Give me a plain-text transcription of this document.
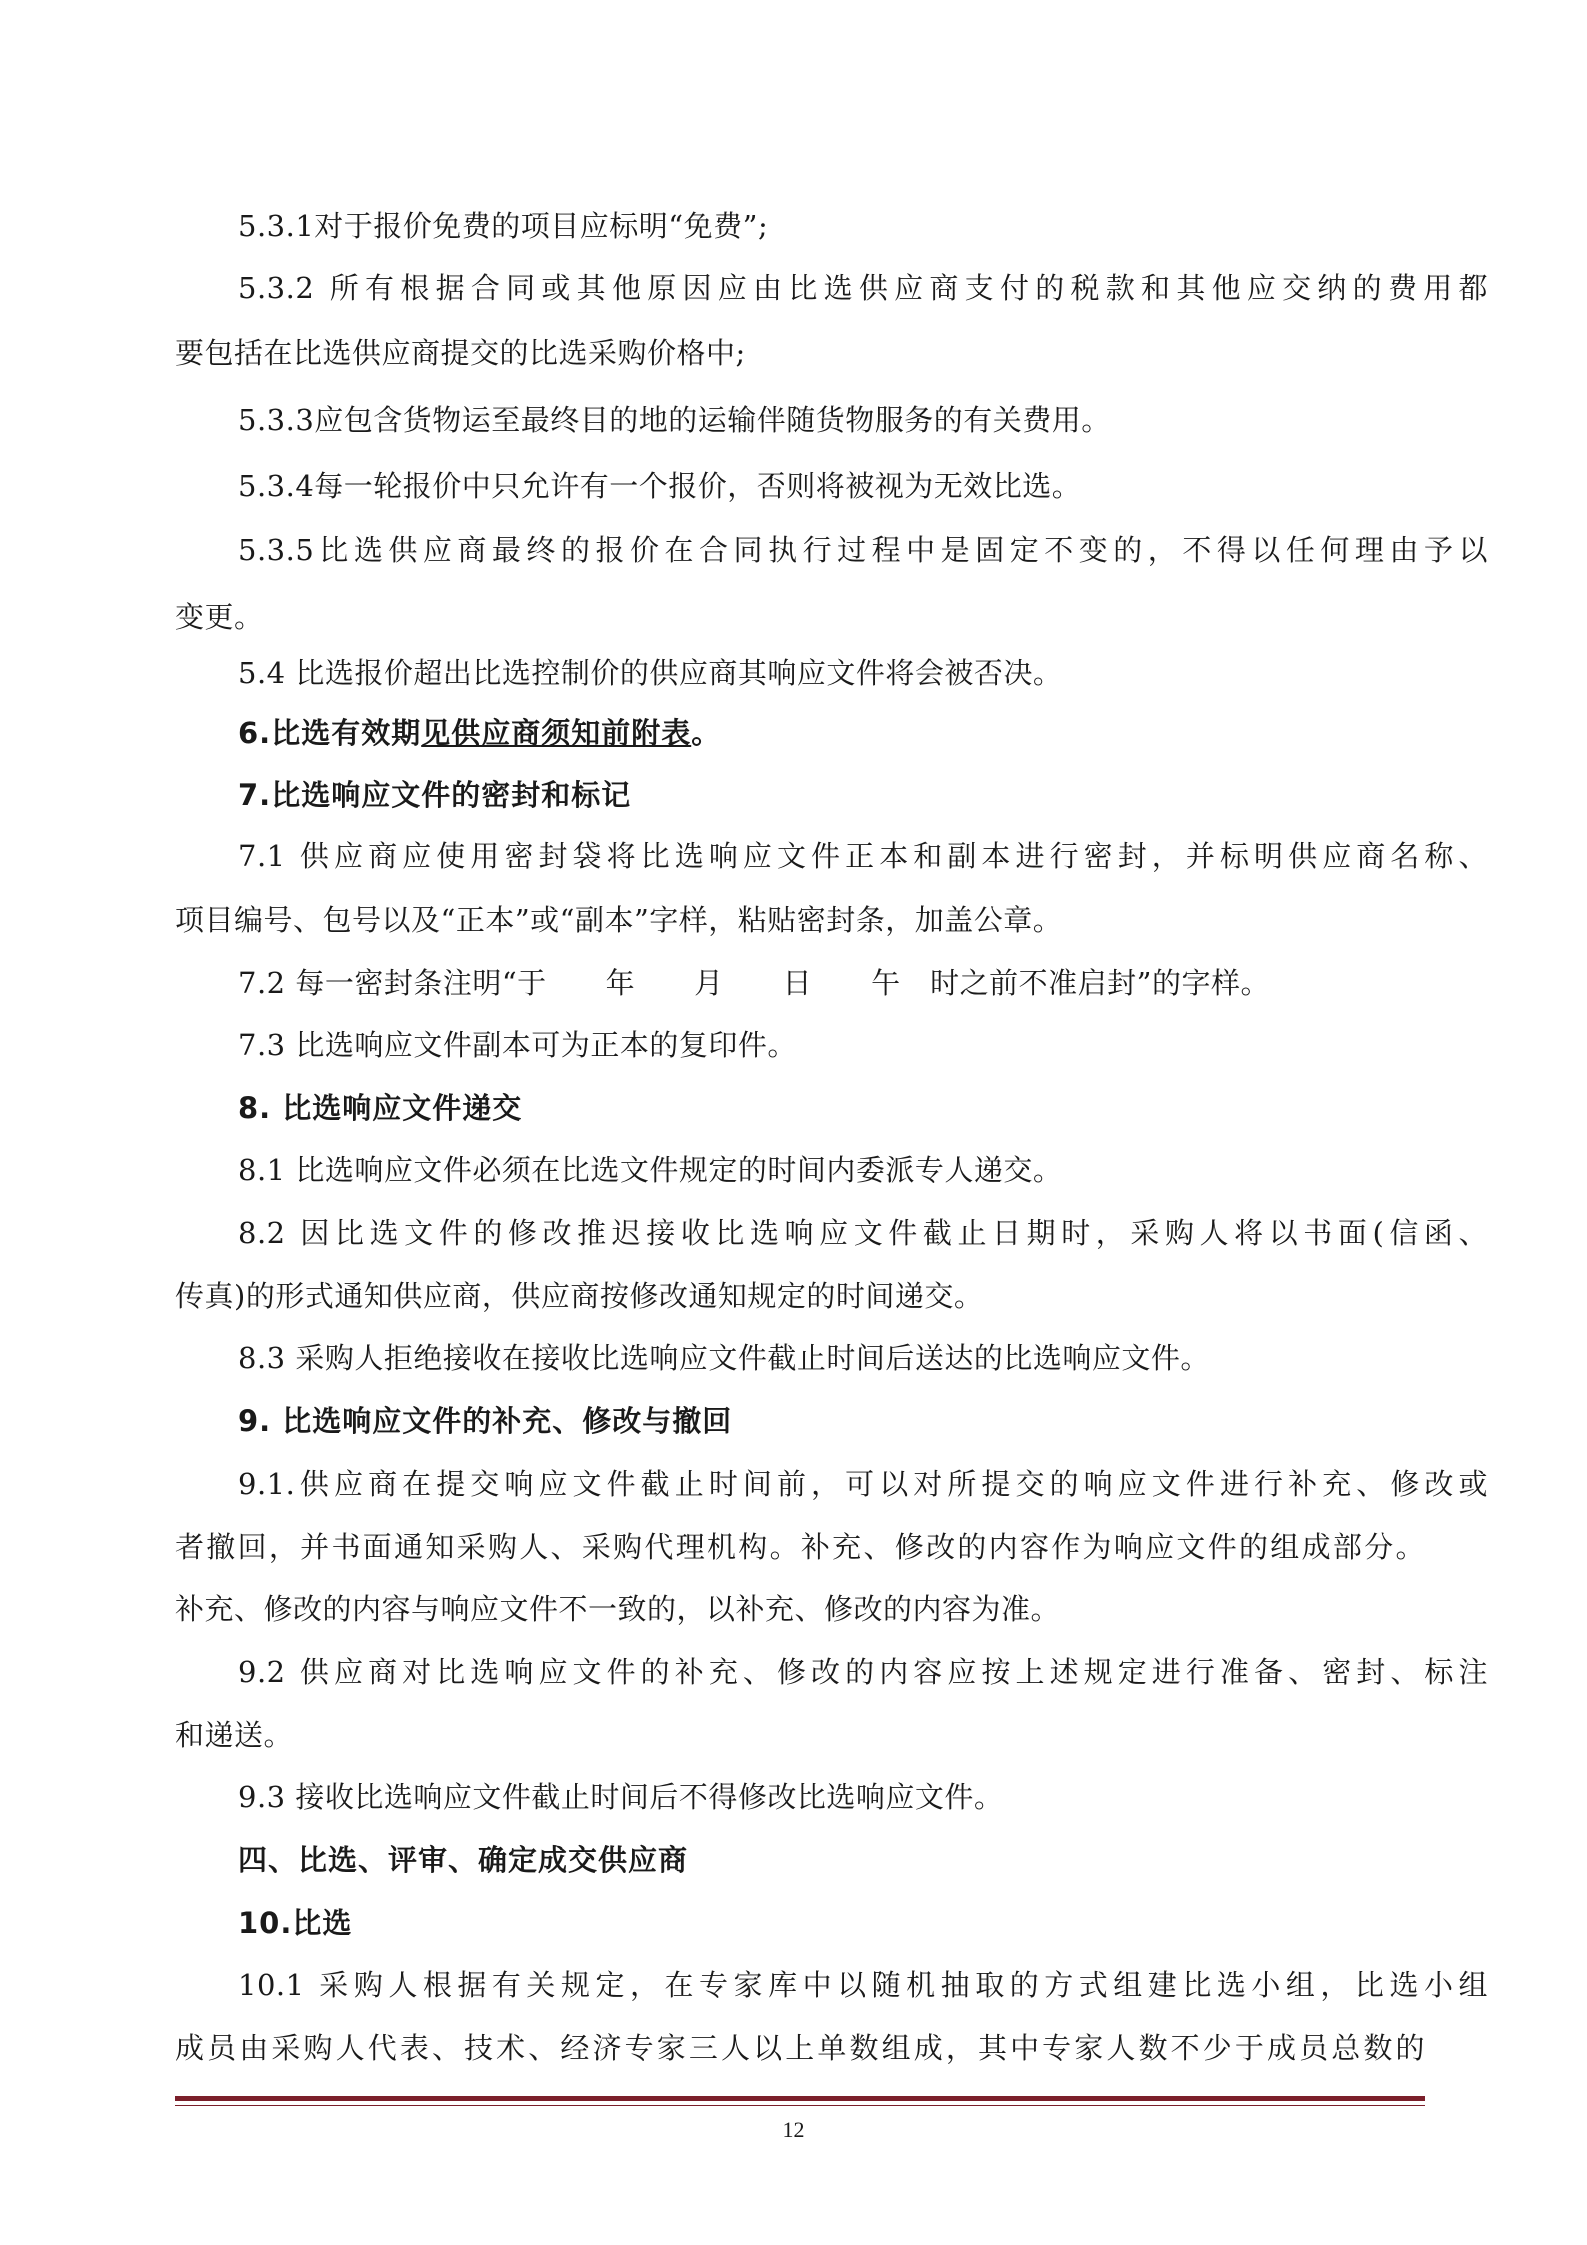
5.3.1对于报价免费的项目应标明“免费”;
5.3.2 所有根据合同或其他原因应由比选供应商支付的税款和其他应交纳的费用都
要包括在比选供应商提交的比选采购价格中;
5.3.3应包含货物运至最终目的地的运输伴随货物服务的有关费用。
5.3.4每一轮报价中只允许有一个报价，否则将被视为无效比选。
5.3.5比选供应商最终的报价在合同执行过程中是固定不变的，不得以任何理由予以
变更。
5.4 比选报价超出比选控制价的供应商其响应文件将会被否决。
6.比选有效期见供应商须知前附表。
7.比选响应文件的密封和标记
7.1 供应商应使用密封袋将比选响应文件正本和副本进行密封，并标明供应商名称、
项目编号、包号以及“正本”或“副本”字样，粘贴密封条，加盖公章。
7.2 每一密封条注明“于　　年　　月　　日　　午　时之前不准启封”的字样。
7.3 比选响应文件副本可为正本的复印件。
8. 比选响应文件递交
8.1 比选响应文件必须在比选文件规定的时间内委派专人递交。
8.2 因比选文件的修改推迟接收比选响应文件截止日期时，采购人将以书面(信函、
传真)的形式通知供应商，供应商按修改通知规定的时间递交。
8.3 采购人拒绝接收在接收比选响应文件截止时间后送达的比选响应文件。
9. 比选响应文件的补充、修改与撤回
9.1.供应商在提交响应文件截止时间前，可以对所提交的响应文件进行补充、修改或
者撤回，并书面通知采购人、采购代理机构。补充、修改的内容作为响应文件的组成部分。
补充、修改的内容与响应文件不一致的，以补充、修改的内容为准。
9.2 供应商对比选响应文件的补充、修改的内容应按上述规定进行准备、密封、标注
和递送。
9.3 接收比选响应文件截止时间后不得修改比选响应文件。
四、比选、评审、确定成交供应商
10.比选
10.1 采购人根据有关规定，在专家库中以随机抽取的方式组建比选小组，比选小组
成员由采购人代表、技术、经济专家三人以上单数组成，其中专家人数不少于成员总数的
12
